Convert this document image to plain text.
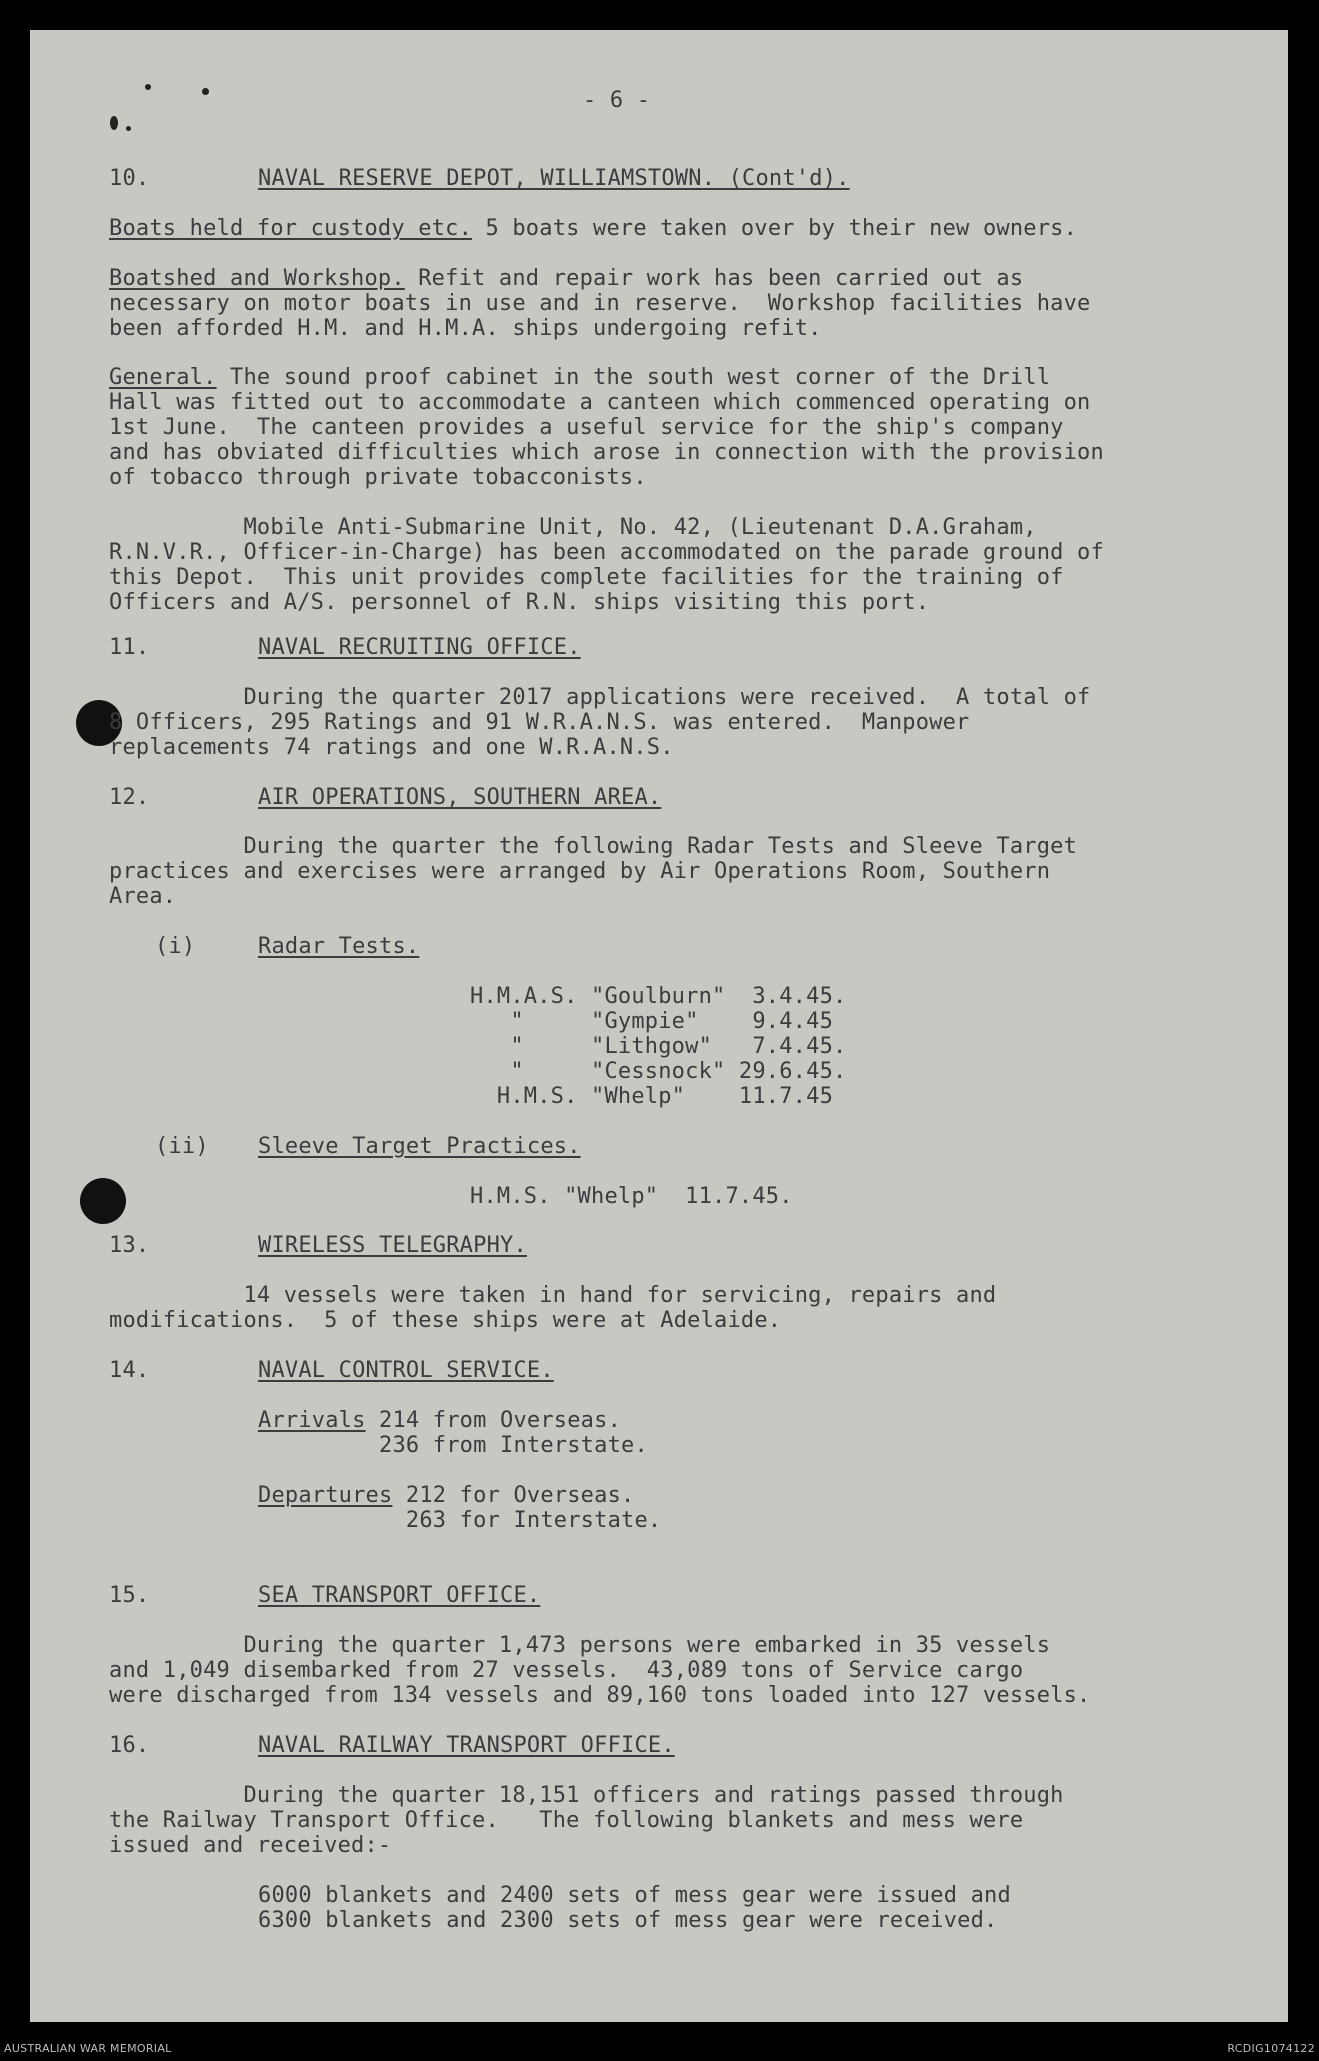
- 6 -

10.	NAVAL RESERVE DEPOT, WILLIAMSTOWN. (Cont'd).

Boats held for custody etc. 5 boats were taken over by their new owners.

Boatshed and Workshop. Refit and repair work has been carried out as
necessary on motor boats in use and in reserve.  Workshop facilities have
been afforded H.M. and H.M.A. ships undergoing refit.

General. The sound proof cabinet in the south west corner of the Drill
Hall was fitted out to accommodate a canteen which commenced operating on
1st June.  The canteen provides a useful service for the ship's company
and has obviated difficulties which arose in connection with the provision
of tobacco through private tobacconists.

Mobile Anti-Submarine Unit, No. 42, (Lieutenant D.A.Graham,
R.N.V.R., Officer-in-Charge) has been accommodated on the parade ground of
this Depot.  This unit provides complete facilities for the training of
Officers and A/S. personnel of R.N. ships visiting this port.

11.	NAVAL RECRUITING OFFICE.

During the quarter 2017 applications were received.  A total of
8 Officers, 295 Ratings and 91 W.R.A.N.S. was entered.  Manpower
replacements 74 ratings and one W.R.A.N.S.

12.	AIR OPERATIONS, SOUTHERN AREA.

During the quarter the following Radar Tests and Sleeve Target
practices and exercises were arranged by Air Operations Room, Southern
Area.

(i)	Radar Tests.

H.M.A.S. "Goulburn"  3.4.45.
"     "Gympie"    9.4.45
"     "Lithgow"   7.4.45.
"     "Cessnock" 29.6.45.
H.M.S. "Whelp"    11.7.45

(ii) Sleeve Target Practices.

H.M.S. "Whelp"  11.7.45.

13.	WIRELESS TELEGRAPHY.

14 vessels were taken in hand for servicing, repairs and
modifications.  5 of these ships were at Adelaide.

14.	NAVAL CONTROL SERVICE.

Arrivals 214 from Overseas.
236 from Interstate.

Departures 212 for Overseas.
263 for Interstate.

15.	SEA TRANSPORT OFFICE.

During the quarter 1,473 persons were embarked in 35 vessels
and 1,049 disembarked from 27 vessels.  43,089 tons of Service cargo
were discharged from 134 vessels and 89,160 tons loaded into 127 vessels.

16.	NAVAL RAILWAY TRANSPORT OFFICE.

During the quarter 18,151 officers and ratings passed through
the Railway Transport Office.   The following blankets and mess were
issued and received:-

6000 blankets and 2400 sets of mess gear were issued and
6300 blankets and 2300 sets of mess gear were received.

AUSTRALIAN WAR MEMORIAL	RCDIG1074122
